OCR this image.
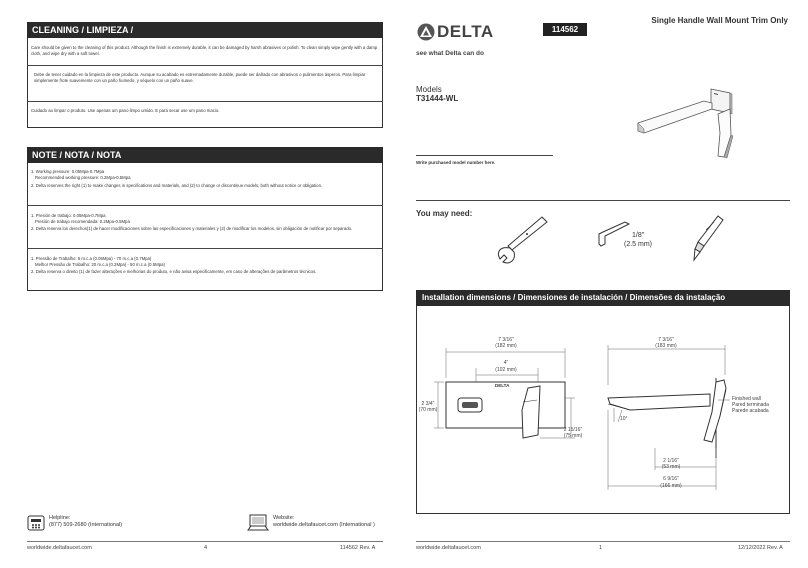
CLEANING / LIMPIEZA /
Care should be given to the cleaning of this product. Although the finish is extremely durable, it can be damaged by harsh abrasives or polish. To clean simply wipe gently with a damp cloth, and wipe dry with a soft towel.
Debe de tener cuidado en la limpieza de este producto. Aunque su acabado es extremadamente durable, puede ser dañado con abrasivos o pulimentos ásperos. Para limpiar simplemente frote suavemente con un paño humedo, y séquelo con un paño suave.
Cuidado ao limpar o produto. Use apenas um pano limpo umido. E para secar use um pano macio.
NOTE / NOTA / NOTA
1. Working pressure: 0.05Mpa-0.7Mpa
Recommended working pressure: 0.2Mpa-0.5Mpa
2. Delta reserves the right (1) to make changes in specifications and materials, and (2) to change or discontinue models, both without notice or obligation.
1. Presión de trabajo: 0.05Mpa-0.7Mpa
Presión de trabajo recomendada: 0.2Mpa-0.5Mpa
2. Delta reserva los derechos(1) de hacer modificaciones sobre las especificaciones y materiales y (2) de modificar los modelos, sin obligación de notificar por separado.
1. Pressão de Trabalho: 5 m.c.a (0.05Mpa) - 70 m.c.a (0.7Mpa)
Melhor Pressão de Trabalho: 20 m.c.a (0.2Mpa) - 50 m.c.a (0.5Mpa)
2. Delta reserva o direito (1) de fazer alterações e melhorias do produto, e não avisa especificamente, em caso de alterações de parâmetros técnicos.
Helpline:
(877) 509-2680 (International)
Website:
worldwide.deltafaucet.com (International )
worldwide.deltafaucet.com	4	114562 Rev. A
DELTA
see what Delta can do
114562
Single Handle Wall Mount Trim Only
Models
T31444-WL
Write purchased model number here.
You may need:
1/8"
(2.5 mm)
Installation dimensions / Dimensiones de instalación / Dimensões da instalação
DELTA
7 3/16"
(182 mm)
4"
(102 mm)
2 3/4"
(70 mm)
2 15/16"
(75 mm)
7 3/16"
(183 mm)
10°
Finished wall
Pared terminada
Parede acabada
2 1/16"
(53 mm)
6 9/16"
(166 mm)
worldwide.deltafaucet.com	1	12/12/2022 Rev. A
